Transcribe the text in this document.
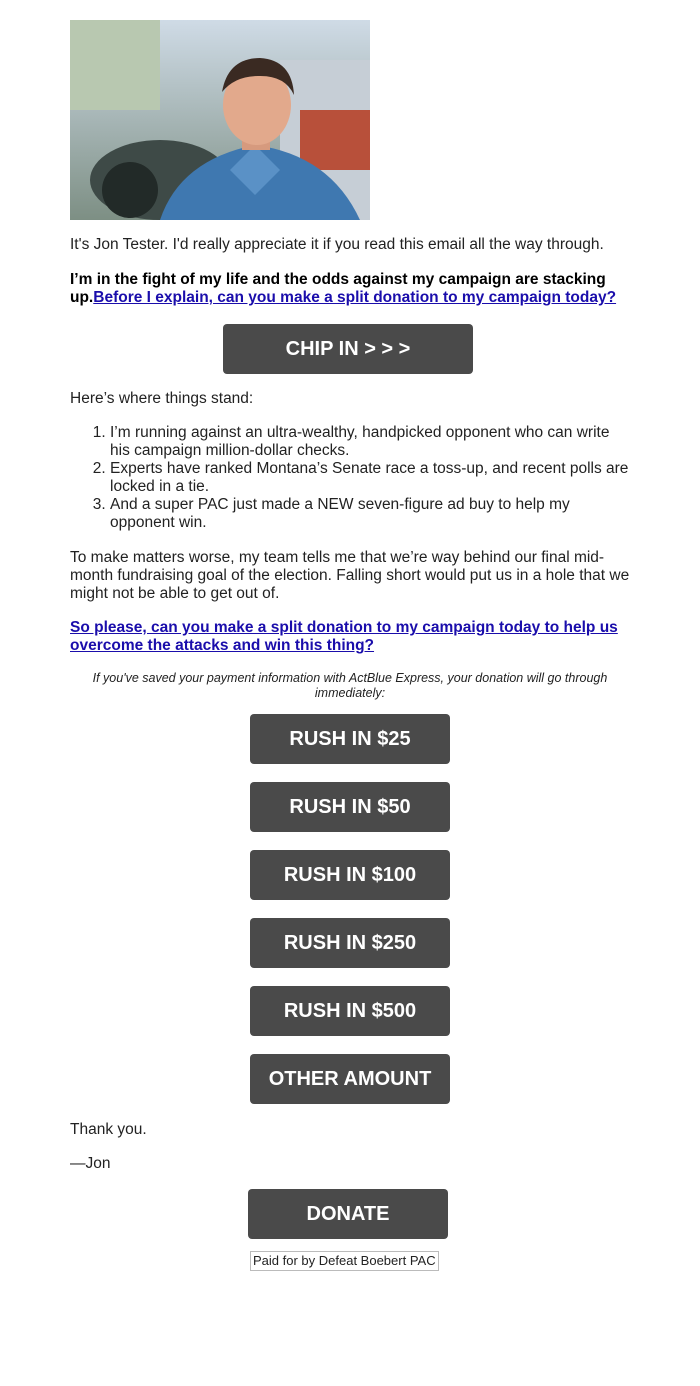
It's Jon Tester. I'd really appreciate it if you read this email all the way through.

I’m in the fight of my life and the odds against my campaign are stacking up.Before I explain, can you make a split donation to my campaign today?

CHIP IN > > >

Here’s where things stand:

1. I’m running against an ultra-wealthy, handpicked opponent who can write his campaign million-dollar checks.
2. Experts have ranked Montana’s Senate race a toss-up, and recent polls are locked in a tie.
3. And a super PAC just made a NEW seven-figure ad buy to help my opponent win.

To make matters worse, my team tells me that we’re way behind our final mid-month fundraising goal of the election. Falling short would put us in a hole that we might not be able to get out of.

So please, can you make a split donation to my campaign today to help us overcome the attacks and win this thing?

If you've saved your payment information with ActBlue Express, your donation will go through immediately:

RUSH IN $25
RUSH IN $50
RUSH IN $100
RUSH IN $250
RUSH IN $500
OTHER AMOUNT

Thank you.

—Jon

DONATE
Paid for by Defeat Boebert PAC
